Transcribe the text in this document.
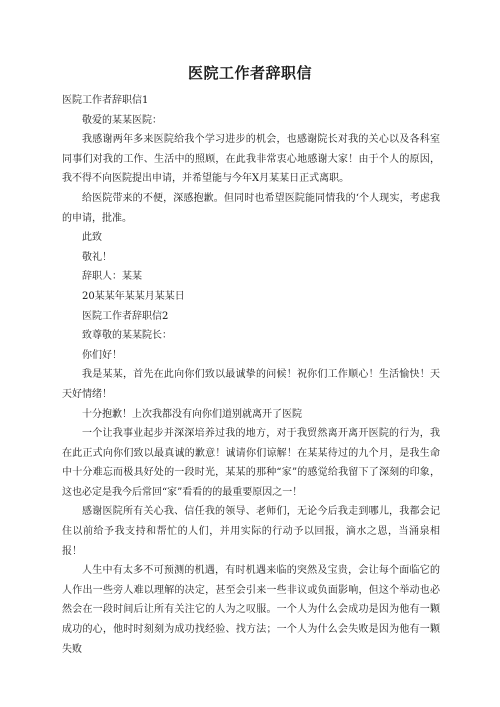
医院工作者辞职信

医院工作者辞职信1

敬爱的某某医院：

我感谢两年多来医院给我个学习进步的机会，也感谢院长对我的关心以及各科室同事们对我的工作、生活中的照顾，在此我非常衷心地感谢大家！由于个人的原因，我不得不向医院提出申请，并希望能与今年X月某某日正式离职。

给医院带来的不便，深感抱歉。但同时也希望医院能同情我的‘个人现实，考虑我的申请，批准。

此致

敬礼！

辞职人：某某

20某某年某某月某某日

医院工作者辞职信2

致尊敬的某某院长：

你们好！

我是某某，首先在此向你们致以最诚挚的问候！祝你们工作顺心！生活愉快！天天好情绪！

十分抱歉！上次我都没有向你们道别就离开了医院

一个让我事业起步并深深培养过我的地方，对于我贸然离开离开医院的行为，我在此正式向你们致以最真诚的歉意！诚请你们谅解！在某某待过的九个月，是我生命中十分难忘而极具好处的一段时光，某某的那种“家”的感觉给我留下了深刻的印象，这也必定是我今后常回“家”看看的的最重要原因之一！

感谢医院所有关心我、信任我的领导、老师们，无论今后我走到哪儿，我都会记住以前给予我支持和帮忙的人们，并用实际的行动予以回报，滴水之恩，当涌泉相报！

人生中有太多不可预测的机遇，有时机遇来临的突然及宝贵，会让每个面临它的人作出一些旁人难以理解的决定，甚至会引来一些非议或负面影响，但这个举动也必然会在一段时间后让所有关注它的人为之叹服。一个人为什么会成功是因为他有一颗成功的心，他时时刻刻为成功找经验、找方法；一个人为什么会失败是因为他有一颗失败
